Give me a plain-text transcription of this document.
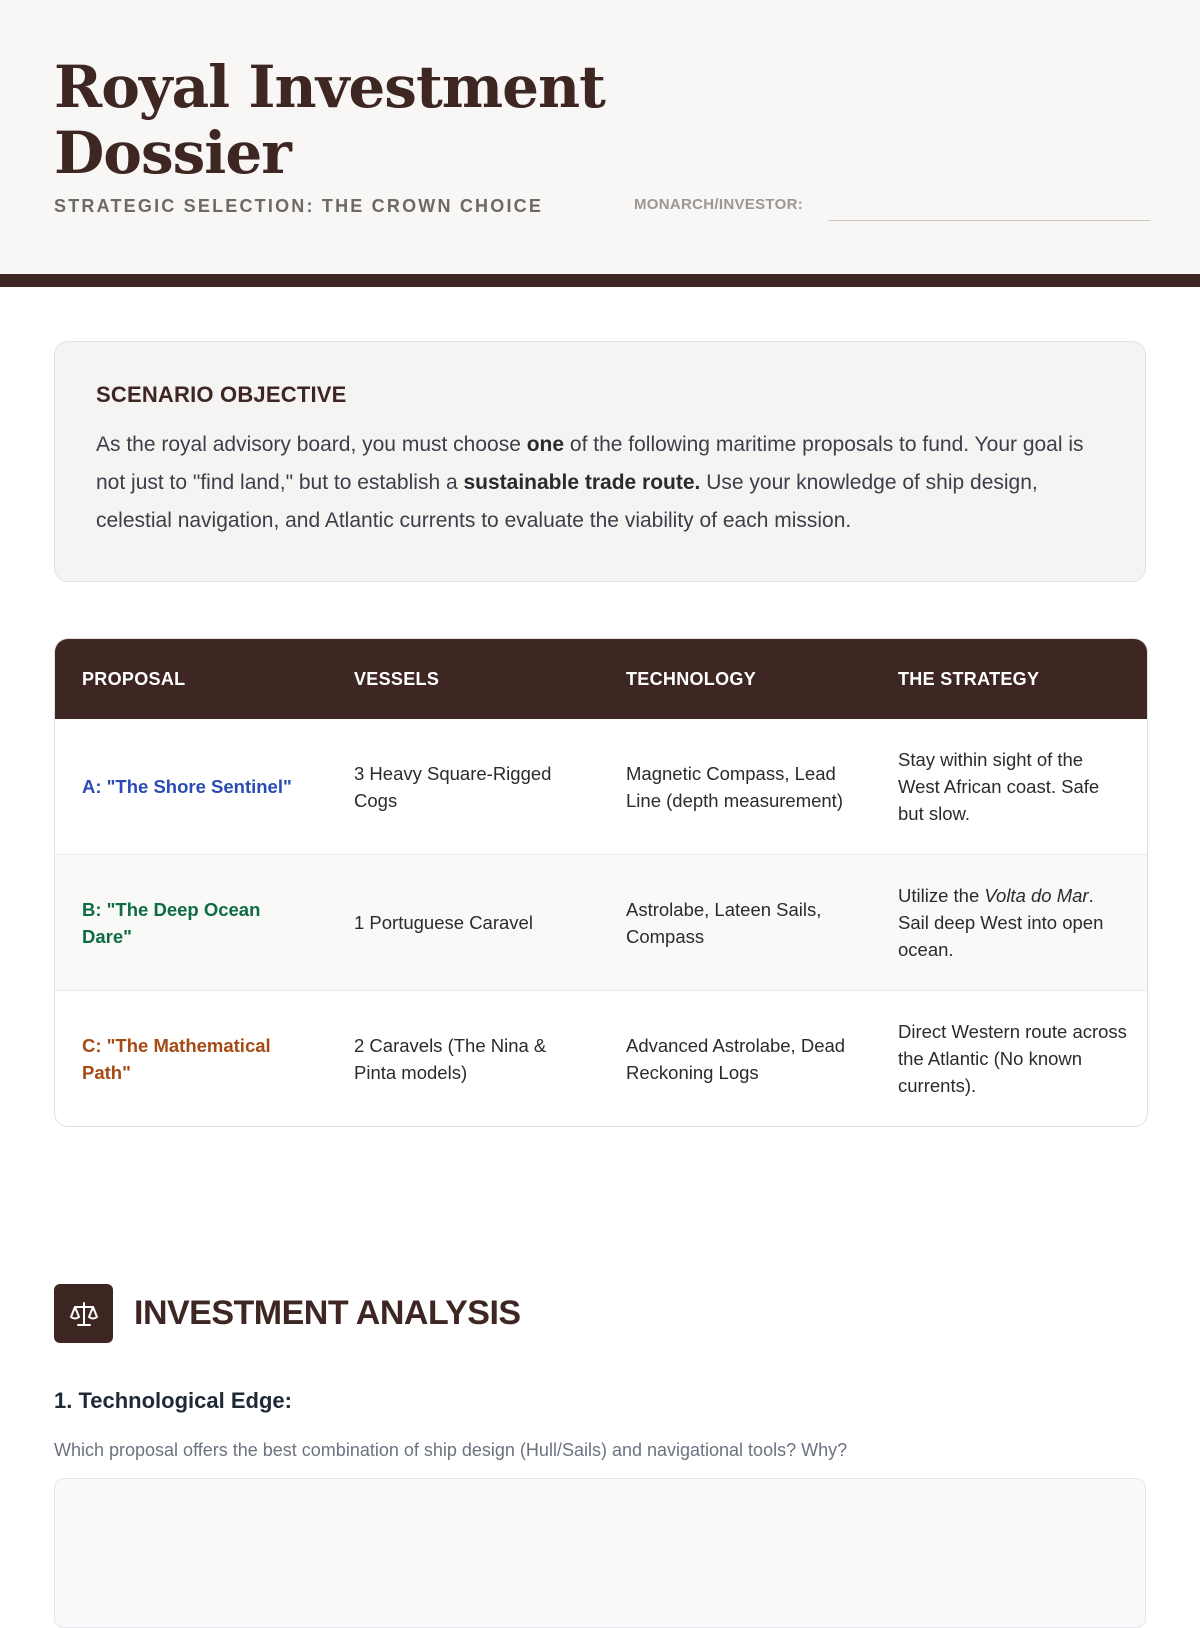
Royal Investment
Dossier
STRATEGIC SELECTION: THE CROWN CHOICE	MONARCH/INVESTOR:
SCENARIO OBJECTIVE

As the royal advisory board, you must choose one of the following maritime proposals to fund. Your goal is not just to "find land," but to establish a sustainable trade route. Use your knowledge of ship design, celestial navigation, and Atlantic currents to evaluate the viability of each mission.

PROPOSAL	VESSELS	TECHNOLOGY	THE STRATEGY
A: "The Shore Sentinel"	3 Heavy Square-Rigged Cogs	Magnetic Compass, Lead Line (depth measurement)	Stay within sight of the West African coast. Safe but slow.
B: "The Deep Ocean Dare"	1 Portuguese Caravel	Astrolabe, Lateen Sails, Compass	Utilize the Volta do Mar. Sail deep West into open ocean.
C: "The Mathematical Path"	2 Caravels (The Nina & Pinta models)	Advanced Astrolabe, Dead Reckoning Logs	Direct Western route across the Atlantic (No known currents).
INVESTMENT ANALYSIS
1. Technological Edge:

Which proposal offers the best combination of ship design (Hull/Sails) and navigational tools? Why?
